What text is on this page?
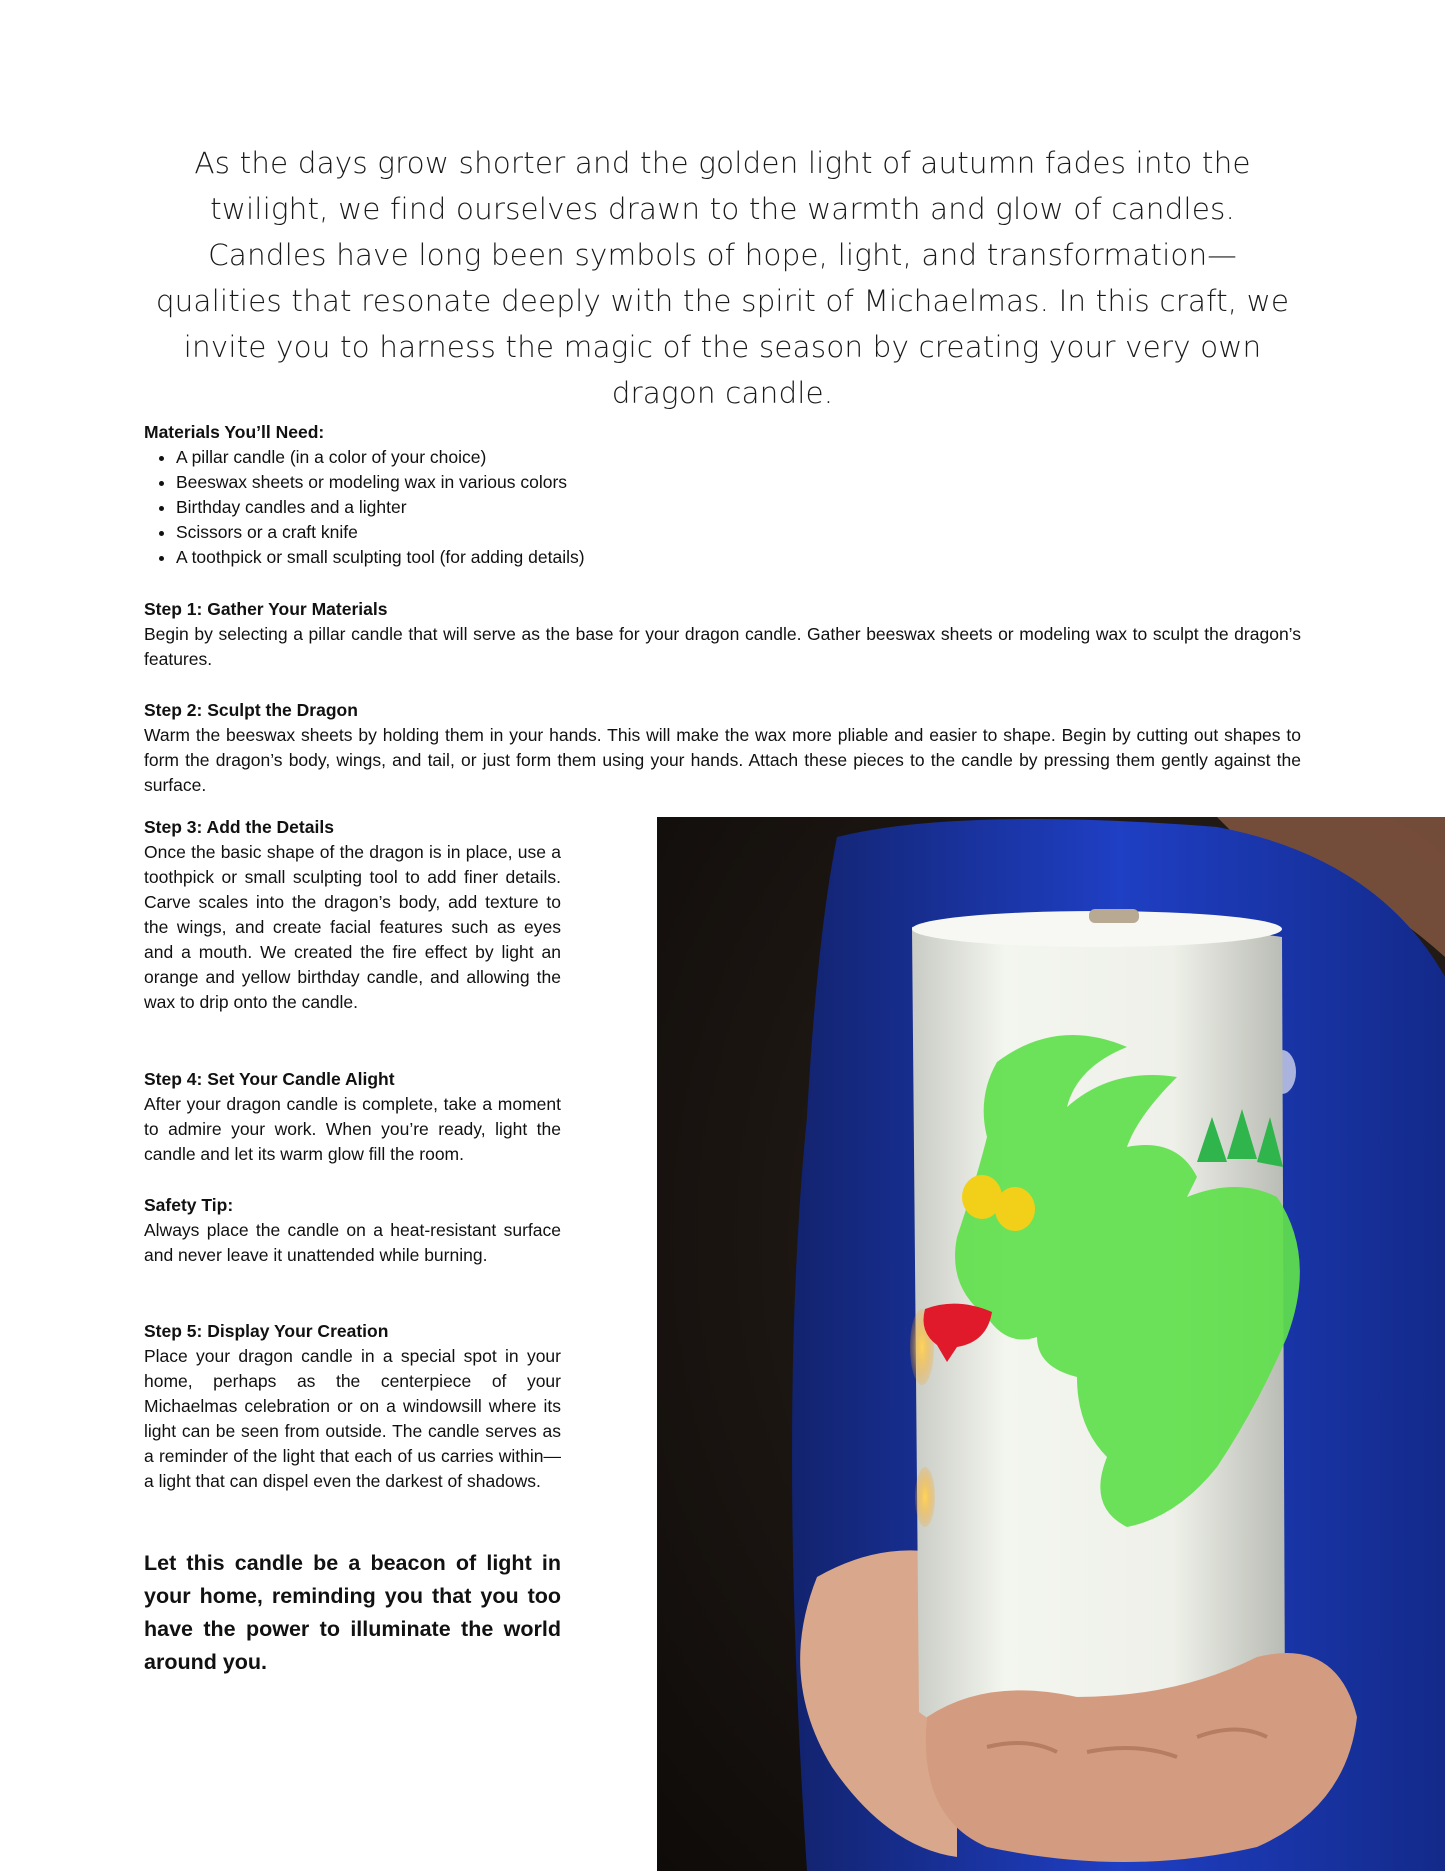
As the days grow shorter and the golden light of autumn fades into the twilight, we find ourselves drawn to the warmth and glow of candles. Candles have long been symbols of hope, light, and transformation—qualities that resonate deeply with the spirit of Michaelmas. In this craft, we invite you to harness the magic of the season by creating your very own dragon candle.
Materials You’ll Need:
• A pillar candle (in a color of your choice)
• Beeswax sheets or modeling wax in various colors
• Birthday candles and a lighter
• Scissors or a craft knife
• A toothpick or small sculpting tool (for adding details)
Step 1: Gather Your Materials
Begin by selecting a pillar candle that will serve as the base for your dragon candle. Gather beeswax sheets or modeling wax to sculpt the dragon’s features.
Step 2: Sculpt the Dragon
Warm the beeswax sheets by holding them in your hands. This will make the wax more pliable and easier to shape. Begin by cutting out shapes to form the dragon’s body, wings, and tail, or just form them using your hands. Attach these pieces to the candle by pressing them gently against the surface.
Step 3: Add the Details
Once the basic shape of the dragon is in place, use a toothpick or small sculpting tool to add finer details. Carve scales into the dragon’s body, add texture to the wings, and create facial features such as eyes and a mouth. We created the fire effect by light an orange and yellow birthday candle, and allowing the wax to drip onto the candle.
Step 4: Set Your Candle Alight
After your dragon candle is complete, take a moment to admire your work. When you’re ready, light the candle and let its warm glow fill the room.
Safety Tip:
Always place the candle on a heat-resistant surface and never leave it unattended while burning.
Step 5: Display Your Creation
Place your dragon candle in a special spot in your home, perhaps as the centerpiece of your Michaelmas celebration or on a windowsill where its light can be seen from outside. The candle serves as a reminder of the light that each of us carries within—a light that can dispel even the darkest of shadows.
Let this candle be a beacon of light in your home, reminding you that you too have the power to illuminate the world around you.
